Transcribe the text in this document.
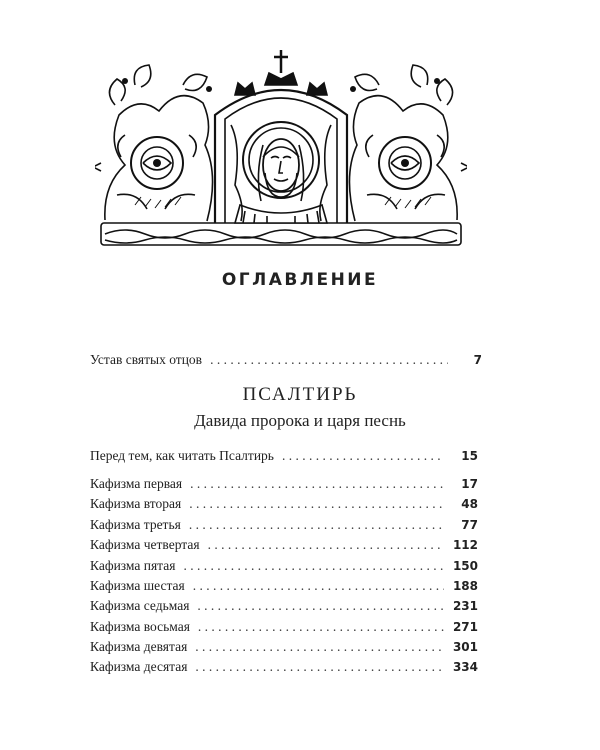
ОГЛАВЛЕНИЕ
Устав святых отцов . . .	7
ПСАЛТИРЬ
Давида пророка и царя песнь
Перед тем, как читать Псалтирь . . .	15
Кафизма первая . . .	17
Кафизма вторая . . .	48
Кафизма третья . . .	77
Кафизма четвертая . . .	112
Кафизма пятая . . .	150
Кафизма шестая . . .	188
Кафизма седьмая . . .	231
Кафизма восьмая . . .	271
Кафизма девятая . . .	301
Кафизма десятая . . .	334
